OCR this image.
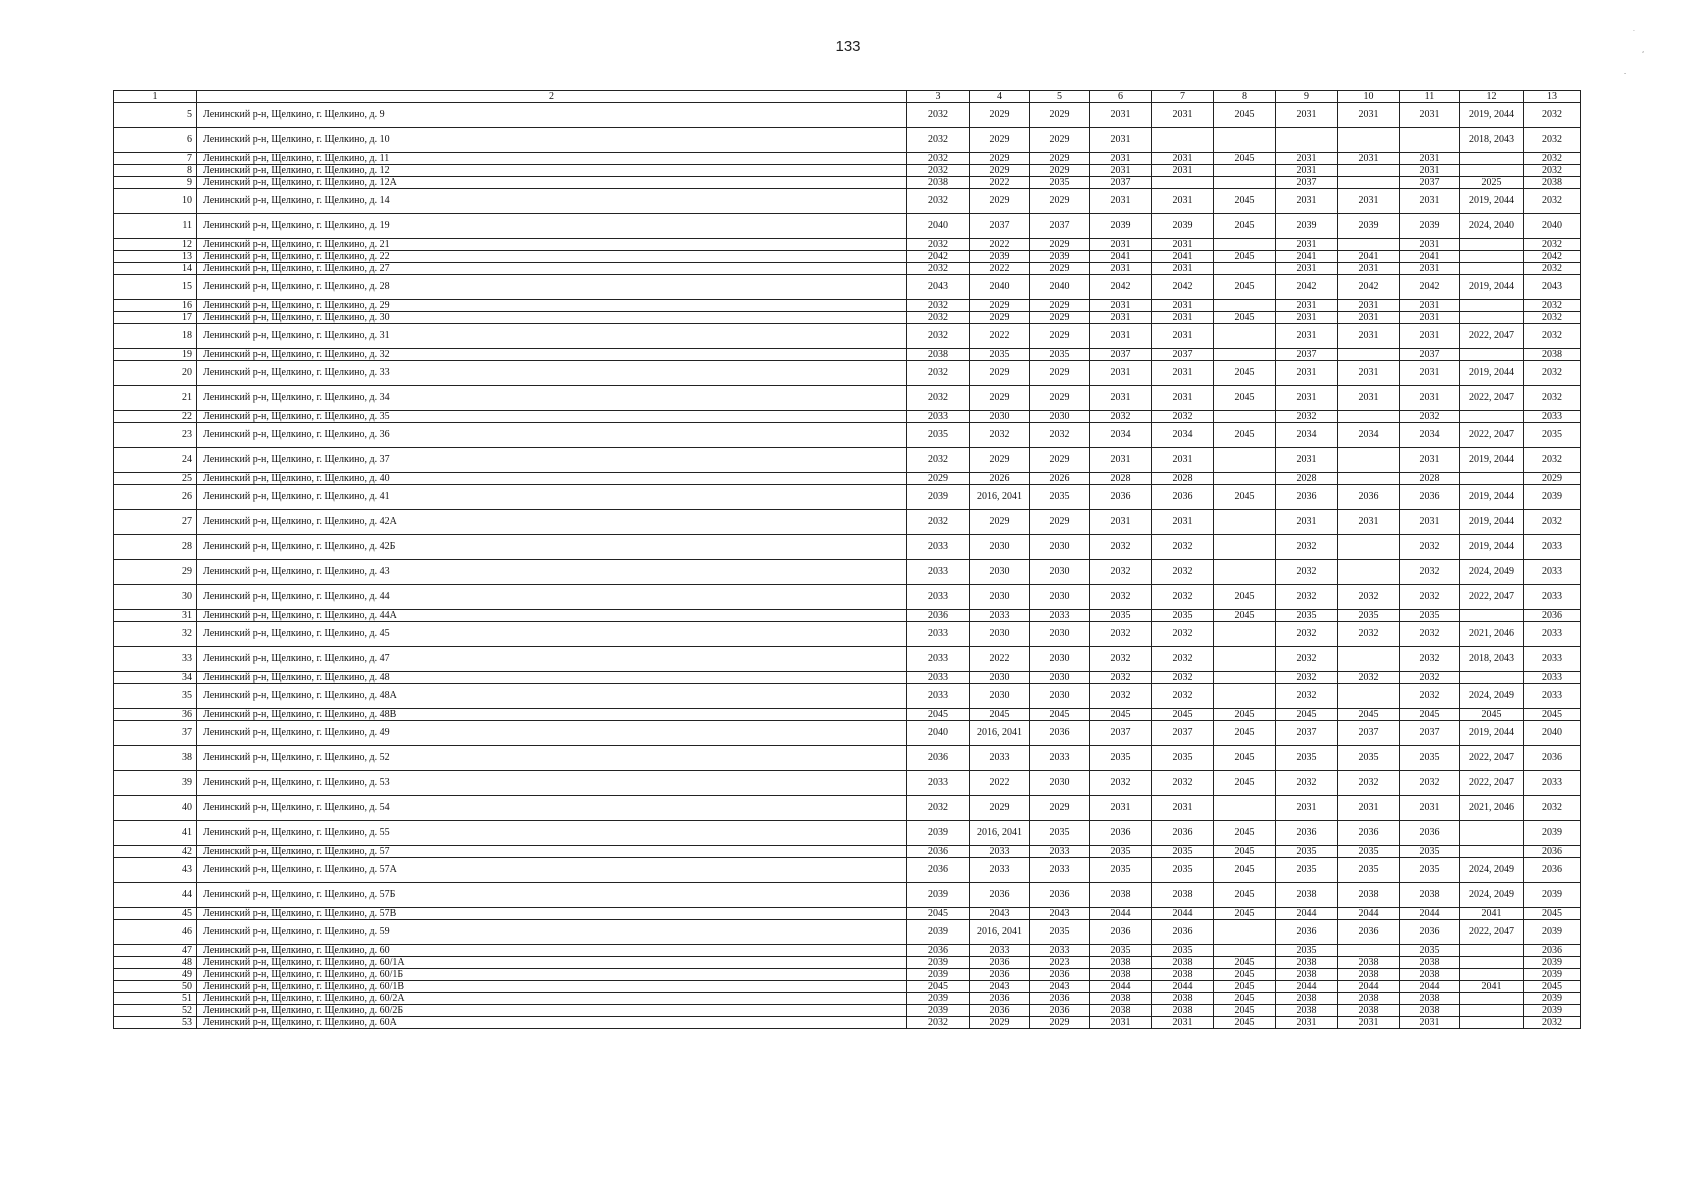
133
·
,
-
1	2	3	4	5	6	7	8	9	10	11	12	13
5	Ленинский р-н, Щелкино, г. Щелкино, д. 9	2032	2029	2029	2031	2031	2045	2031	2031	2031	2019, 2044	2032
6	Ленинский р-н, Щелкино, г. Щелкино, д. 10	2032	2029	2029	2031						2018, 2043	2032
7	Ленинский р-н, Щелкино, г. Щелкино, д. 11	2032	2029	2029	2031	2031	2045	2031	2031	2031		2032
8	Ленинский р-н, Щелкино, г. Щелкино, д. 12	2032	2029	2029	2031	2031		2031		2031		2032
9	Ленинский р-н, Щелкино, г. Щелкино, д. 12А	2038	2022	2035	2037			2037		2037	2025	2038
10	Ленинский р-н, Щелкино, г. Щелкино, д. 14	2032	2029	2029	2031	2031	2045	2031	2031	2031	2019, 2044	2032
11	Ленинский р-н, Щелкино, г. Щелкино, д. 19	2040	2037	2037	2039	2039	2045	2039	2039	2039	2024, 2040	2040
12	Ленинский р-н, Щелкино, г. Щелкино, д. 21	2032	2022	2029	2031	2031		2031		2031		2032
13	Ленинский р-н, Щелкино, г. Щелкино, д. 22	2042	2039	2039	2041	2041	2045	2041	2041	2041		2042
14	Ленинский р-н, Щелкино, г. Щелкино, д. 27	2032	2022	2029	2031	2031		2031	2031	2031		2032
15	Ленинский р-н, Щелкино, г. Щелкино, д. 28	2043	2040	2040	2042	2042	2045	2042	2042	2042	2019, 2044	2043
16	Ленинский р-н, Щелкино, г. Щелкино, д. 29	2032	2029	2029	2031	2031		2031	2031	2031		2032
17	Ленинский р-н, Щелкино, г. Щелкино, д. 30	2032	2029	2029	2031	2031	2045	2031	2031	2031		2032
18	Ленинский р-н, Щелкино, г. Щелкино, д. 31	2032	2022	2029	2031	2031		2031	2031	2031	2022, 2047	2032
19	Ленинский р-н, Щелкино, г. Щелкино, д. 32	2038	2035	2035	2037	2037		2037		2037		2038
20	Ленинский р-н, Щелкино, г. Щелкино, д. 33	2032	2029	2029	2031	2031	2045	2031	2031	2031	2019, 2044	2032
21	Ленинский р-н, Щелкино, г. Щелкино, д. 34	2032	2029	2029	2031	2031	2045	2031	2031	2031	2022, 2047	2032
22	Ленинский р-н, Щелкино, г. Щелкино, д. 35	2033	2030	2030	2032	2032		2032		2032		2033
23	Ленинский р-н, Щелкино, г. Щелкино, д. 36	2035	2032	2032	2034	2034	2045	2034	2034	2034	2022, 2047	2035
24	Ленинский р-н, Щелкино, г. Щелкино, д. 37	2032	2029	2029	2031	2031		2031		2031	2019, 2044	2032
25	Ленинский р-н, Щелкино, г. Щелкино, д. 40	2029	2026	2026	2028	2028		2028		2028		2029
26	Ленинский р-н, Щелкино, г. Щелкино, д. 41	2039	2016, 2041	2035	2036	2036	2045	2036	2036	2036	2019, 2044	2039
27	Ленинский р-н, Щелкино, г. Щелкино, д. 42А	2032	2029	2029	2031	2031		2031	2031	2031	2019, 2044	2032
28	Ленинский р-н, Щелкино, г. Щелкино, д. 42Б	2033	2030	2030	2032	2032		2032		2032	2019, 2044	2033
29	Ленинский р-н, Щелкино, г. Щелкино, д. 43	2033	2030	2030	2032	2032		2032		2032	2024, 2049	2033
30	Ленинский р-н, Щелкино, г. Щелкино, д. 44	2033	2030	2030	2032	2032	2045	2032	2032	2032	2022, 2047	2033
31	Ленинский р-н, Щелкино, г. Щелкино, д. 44А	2036	2033	2033	2035	2035	2045	2035	2035	2035		2036
32	Ленинский р-н, Щелкино, г. Щелкино, д. 45	2033	2030	2030	2032	2032		2032	2032	2032	2021, 2046	2033
33	Ленинский р-н, Щелкино, г. Щелкино, д. 47	2033	2022	2030	2032	2032		2032		2032	2018, 2043	2033
34	Ленинский р-н, Щелкино, г. Щелкино, д. 48	2033	2030	2030	2032	2032		2032	2032	2032		2033
35	Ленинский р-н, Щелкино, г. Щелкино, д. 48А	2033	2030	2030	2032	2032		2032		2032	2024, 2049	2033
36	Ленинский р-н, Щелкино, г. Щелкино, д. 48В	2045	2045	2045	2045	2045	2045	2045	2045	2045	2045	2045
37	Ленинский р-н, Щелкино, г. Щелкино, д. 49	2040	2016, 2041	2036	2037	2037	2045	2037	2037	2037	2019, 2044	2040
38	Ленинский р-н, Щелкино, г. Щелкино, д. 52	2036	2033	2033	2035	2035	2045	2035	2035	2035	2022, 2047	2036
39	Ленинский р-н, Щелкино, г. Щелкино, д. 53	2033	2022	2030	2032	2032	2045	2032	2032	2032	2022, 2047	2033
40	Ленинский р-н, Щелкино, г. Щелкино, д. 54	2032	2029	2029	2031	2031		2031	2031	2031	2021, 2046	2032
41	Ленинский р-н, Щелкино, г. Щелкино, д. 55	2039	2016, 2041	2035	2036	2036	2045	2036	2036	2036		2039
42	Ленинский р-н, Щелкино, г. Щелкино, д. 57	2036	2033	2033	2035	2035	2045	2035	2035	2035		2036
43	Ленинский р-н, Щелкино, г. Щелкино, д. 57А	2036	2033	2033	2035	2035	2045	2035	2035	2035	2024, 2049	2036
44	Ленинский р-н, Щелкино, г. Щелкино, д. 57Б	2039	2036	2036	2038	2038	2045	2038	2038	2038	2024, 2049	2039
45	Ленинский р-н, Щелкино, г. Щелкино, д. 57В	2045	2043	2043	2044	2044	2045	2044	2044	2044	2041	2045
46	Ленинский р-н, Щелкино, г. Щелкино, д. 59	2039	2016, 2041	2035	2036	2036		2036	2036	2036	2022, 2047	2039
47	Ленинский р-н, Щелкино, г. Щелкино, д. 60	2036	2033	2033	2035	2035		2035		2035		2036
48	Ленинский р-н, Щелкино, г. Щелкино, д. 60/1А	2039	2036	2023	2038	2038	2045	2038	2038	2038		2039
49	Ленинский р-н, Щелкино, г. Щелкино, д. 60/1Б	2039	2036	2036	2038	2038	2045	2038	2038	2038		2039
50	Ленинский р-н, Щелкино, г. Щелкино, д. 60/1В	2045	2043	2043	2044	2044	2045	2044	2044	2044	2041	2045
51	Ленинский р-н, Щелкино, г. Щелкино, д. 60/2А	2039	2036	2036	2038	2038	2045	2038	2038	2038		2039
52	Ленинский р-н, Щелкино, г. Щелкино, д. 60/2Б	2039	2036	2036	2038	2038	2045	2038	2038	2038		2039
53	Ленинский р-н, Щелкино, г. Щелкино, д. 60А	2032	2029	2029	2031	2031	2045	2031	2031	2031		2032
